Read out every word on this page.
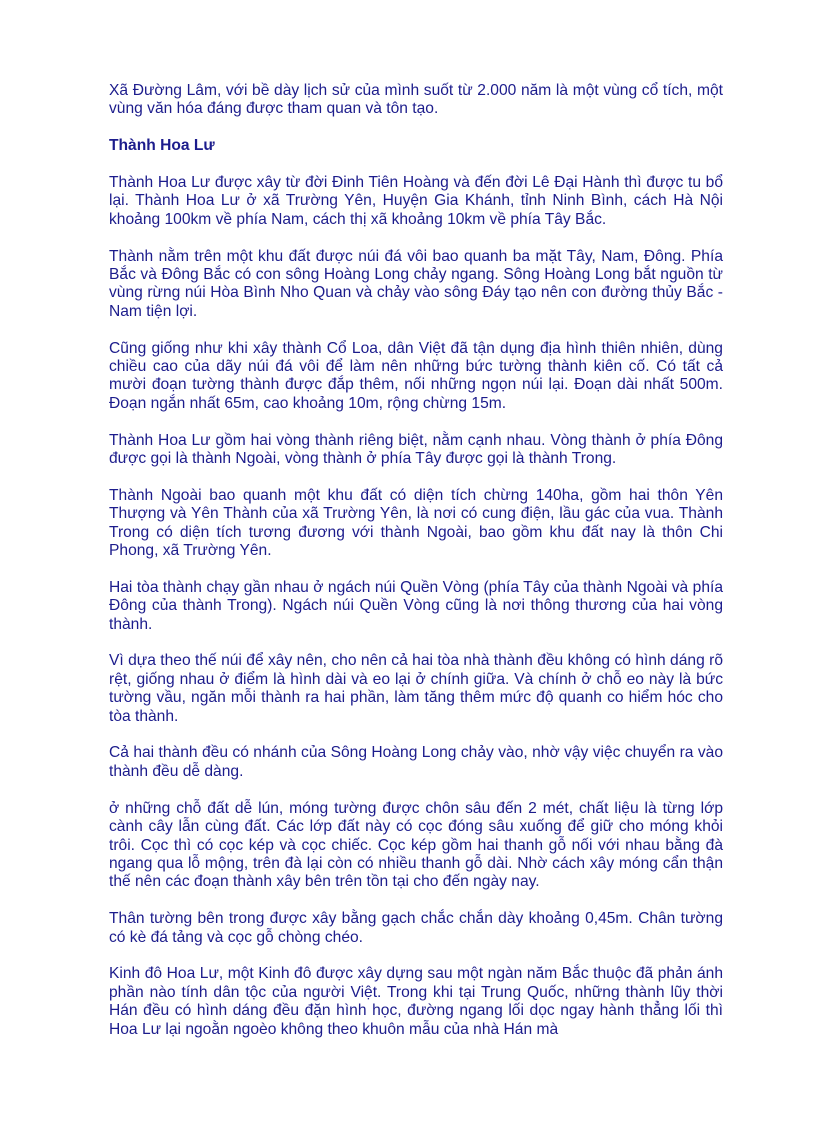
Xã Đường Lâm, với bề dày lịch sử của mình suốt từ 2.000 năm là một vùng cổ tích, một vùng văn hóa đáng được tham quan và tôn tạo.

Thành Hoa Lư

Thành Hoa Lư được xây từ đời Đinh Tiên Hoàng và đến đời Lê Đại Hành thì được tu bổ lại. Thành Hoa Lư ở xã Trường Yên, Huyện Gia Khánh, tỉnh Ninh Bình, cách Hà Nội khoảng 100km về phía Nam, cách thị xã khoảng 10km về phía Tây Bắc.

Thành nằm trên một khu đất được núi đá vôi bao quanh ba mặt Tây, Nam, Đông. Phía Bắc và Đông Bắc có con sông Hoàng Long chảy ngang. Sông Hoàng Long bắt nguồn từ vùng rừng núi Hòa Bình Nho Quan và chảy vào sông Đáy tạo nên con đường thủy Bắc - Nam tiện lợi.

Cũng giống như khi xây thành Cổ Loa, dân Việt đã tận dụng địa hình thiên nhiên, dùng chiều cao của dãy núi đá vôi để làm nên những bức tường thành kiên cố. Có tất cả mười đoạn tường thành được đắp thêm, nối những ngọn núi lại. Đoạn dài nhất 500m. Đoạn ngắn nhất 65m, cao khoảng 10m, rộng chừng 15m.

Thành Hoa Lư gồm hai vòng thành riêng biệt, nằm cạnh nhau. Vòng thành ở phía Đông được gọi là thành Ngoài, vòng thành ở phía Tây được gọi là thành Trong.

Thành Ngoài bao quanh một khu đất có diện tích chừng 140ha, gồm hai thôn Yên Thượng và Yên Thành của xã Trường Yên, là nơi có cung điện, lầu gác của vua. Thành Trong có diện tích tương đương với thành Ngoài, bao gồm khu đất nay là thôn Chi Phong, xã Trường Yên.

Hai tòa thành chạy gần nhau ở ngách núi Quền Vòng (phía Tây của thành Ngoài và phía Đông của thành Trong). Ngách núi Quền Vòng cũng là nơi thông thương của hai vòng thành.

Vì dựa theo thế núi để xây nên, cho nên cả hai tòa nhà thành đều không có hình dáng rõ rệt, giống nhau ở điểm là hình dài và eo lại ở chính giữa. Và chính ở chỗ eo này là bức tường vầu, ngăn mỗi thành ra hai phần, làm tăng thêm mức độ quanh co hiểm hóc cho tòa thành.

Cả hai thành đều có nhánh của Sông Hoàng Long chảy vào, nhờ vậy việc chuyển ra vào thành đều dễ dàng.

ở những chỗ đất dễ lún, móng tường được chôn sâu đến 2 mét, chất liệu là từng lớp cành cây lẫn cùng đất. Các lớp đất này có cọc đóng sâu xuống để giữ cho móng khỏi trôi. Cọc thì có cọc kép và cọc chiếc. Cọc kép gồm hai thanh gỗ nối với nhau bằng đà ngang qua lỗ mộng, trên đà lại còn có nhiều thanh gỗ dài. Nhờ cách xây móng cẩn thận thế nên các đoạn thành xây bên trên tồn tại cho đến ngày nay.

Thân tường bên trong được xây bằng gạch chắc chắn dày khoảng 0,45m. Chân tường có kè đá tảng và cọc gỗ chòng chéo.

Kinh đô Hoa Lư, một Kinh đô được xây dựng sau một ngàn năm Bắc thuộc đã phản ánh phần nào tính dân tộc của người Việt. Trong khi tại Trung Quốc, những thành lũy thời Hán đều có hình dáng đều đặn hình học, đường ngang lối dọc ngay hành thẳng lối thì Hoa Lư lại ngoằn ngoèo không theo khuôn mẫu của nhà Hán mà
